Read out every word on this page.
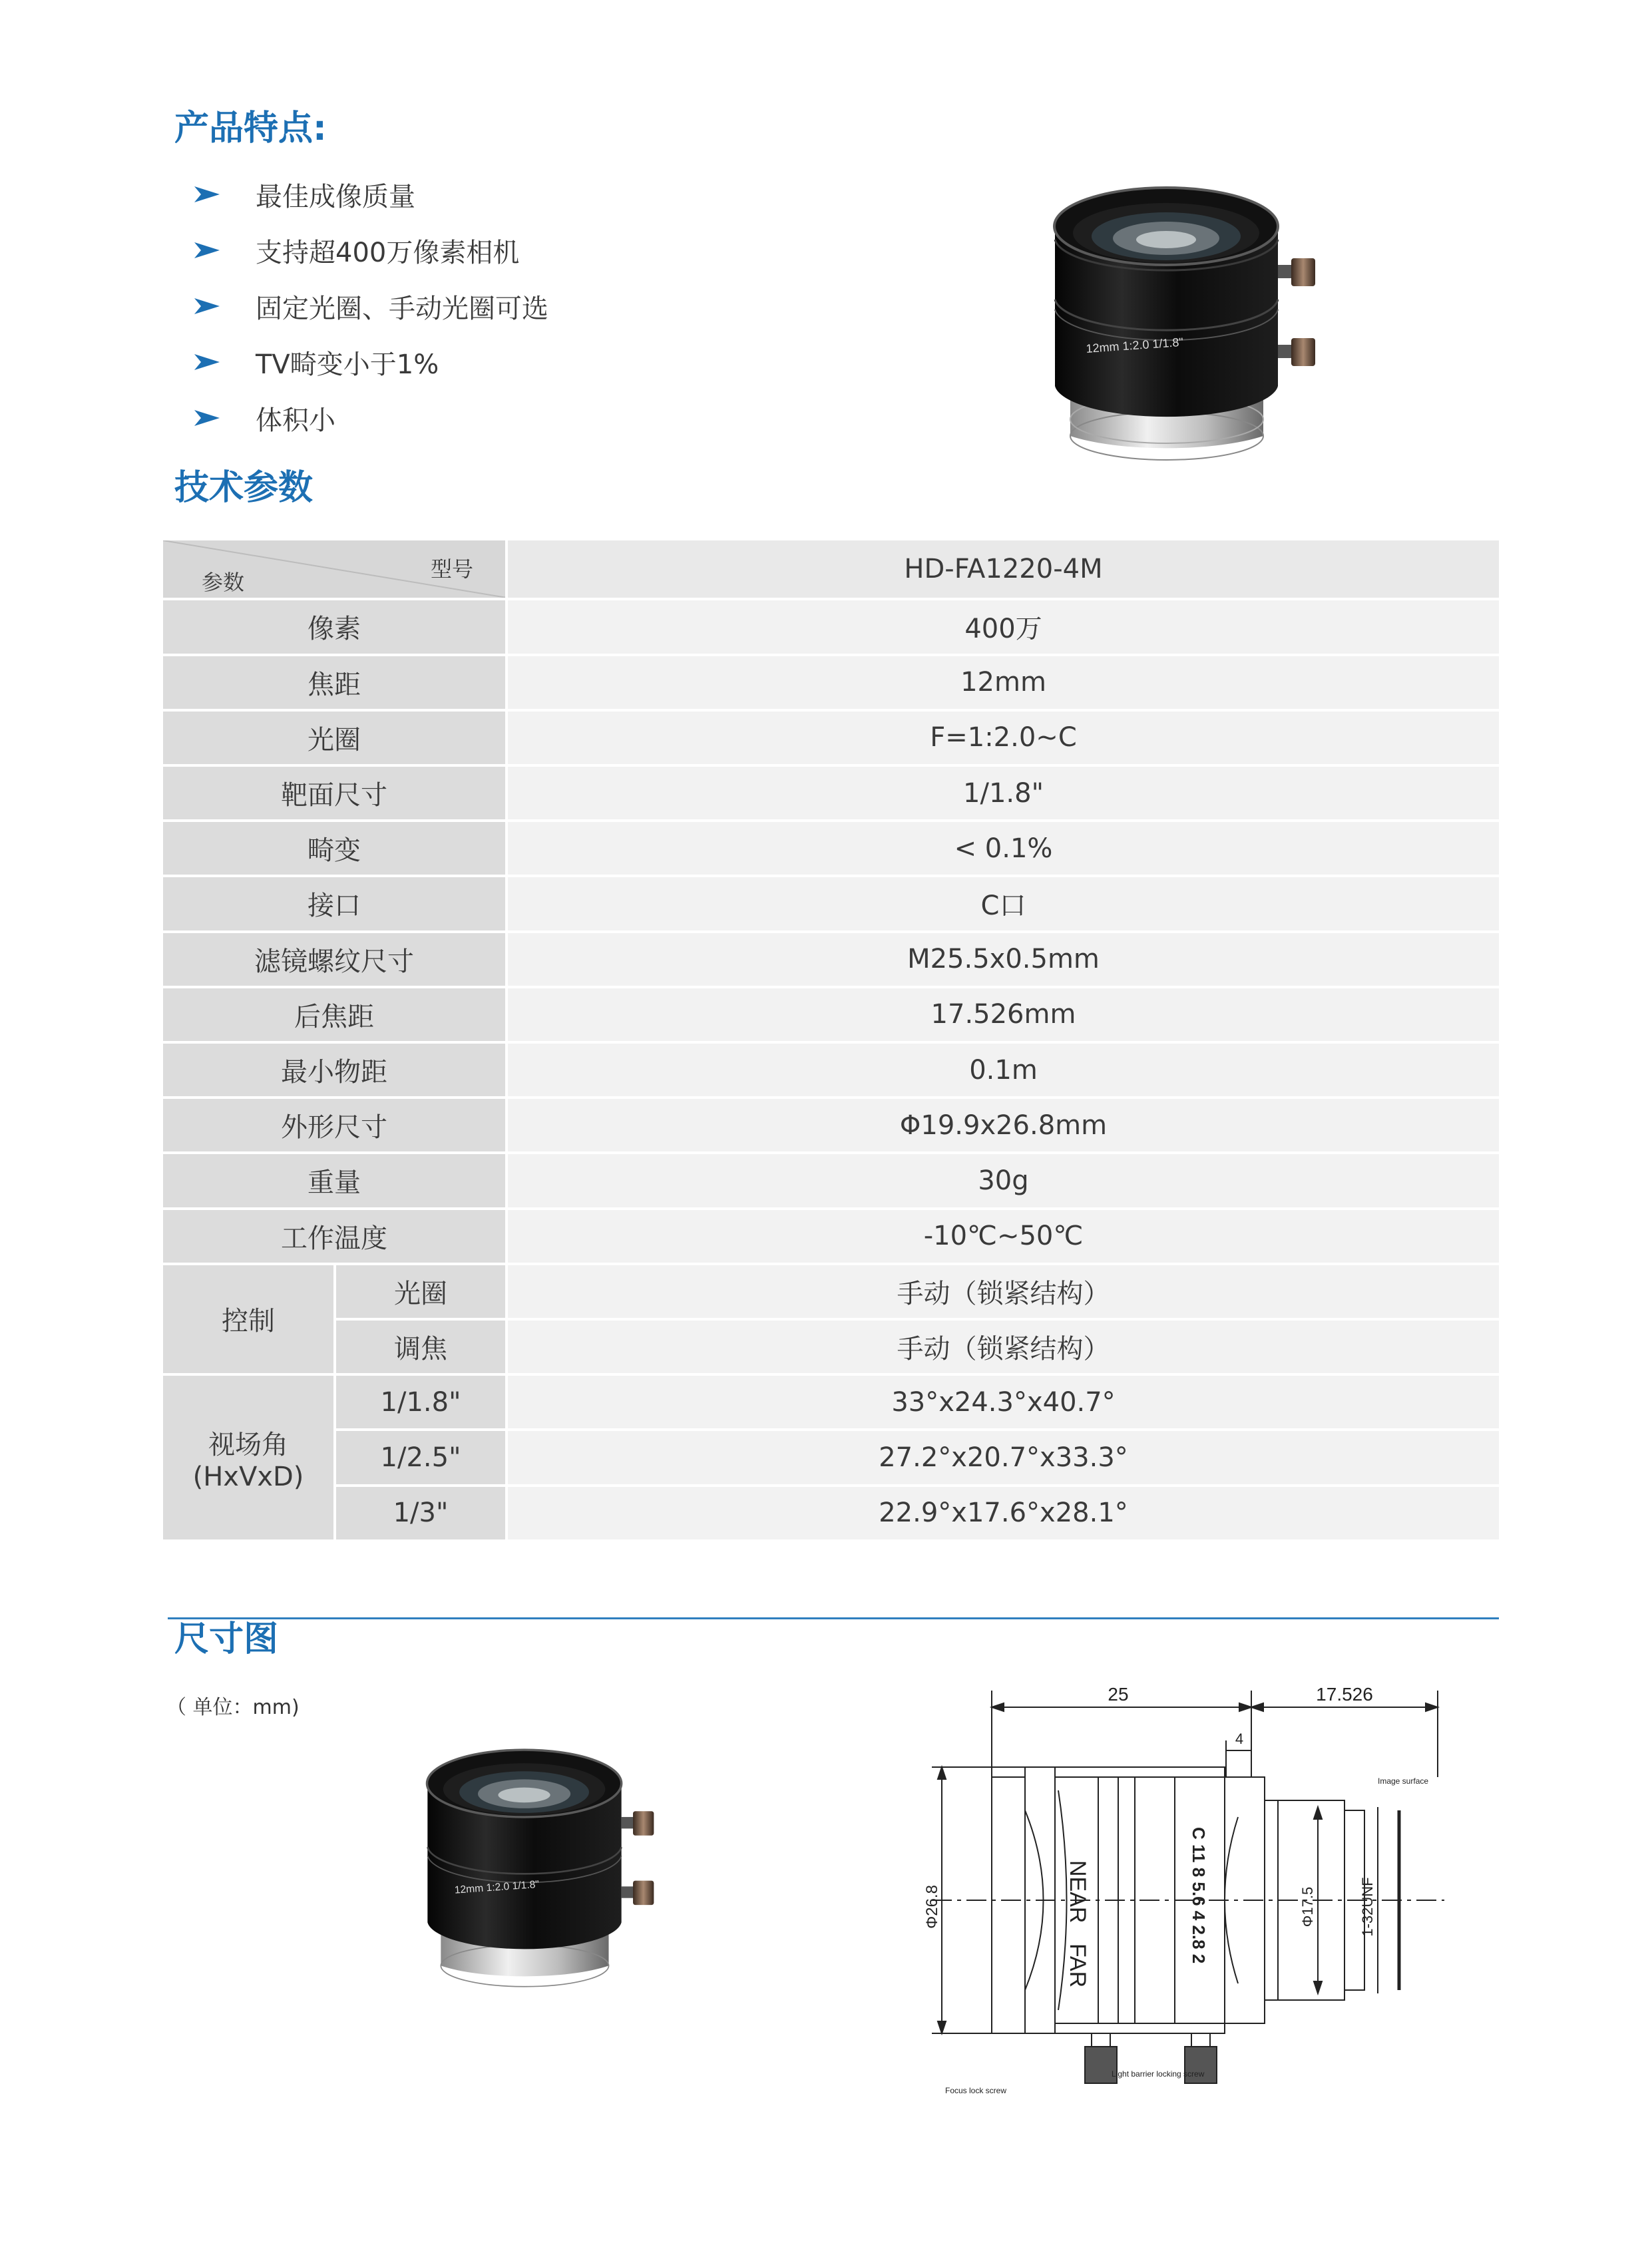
产品特点:
最佳成像质量
支持超400万像素相机
固定光圈、手动光圈可选
TV畸变小于1%
体积小
12mm 1:2.0 1/1.8"
技术参数
型号
参数		HD-FA1220-4M
像素		400万
焦距		12mm
光圈		F=1:2.0~C
靶面尺寸		1/1.8"
畸变		< 0.1%
接口		C口
滤镜螺纹尺寸		M25.5x0.5mm
后焦距		17.526mm
最小物距		0.1m
外形尺寸		Φ19.9x26.8mm
重量		30g
工作温度		-10℃~50℃
控制	光圈	手动（锁紧结构）
	调焦	手动（锁紧结构）

视场角
(HxVxD)	1/1.8"	33°x24.3°x40.7°
	1/2.5"	27.2°x20.7°x33.3°
	1/3"	22.9°x17.6°x28.1°
尺寸图
（ 单位：mm)
12mm 1:2.0 1/1.8"
25	17.526
4
Φ26.8
Image surface
Φ17.5	1-32UNF
NEAR
FAR
C 11 8 5.6 4 2.8 2
Focus lock screw
Light barrier locking screw
